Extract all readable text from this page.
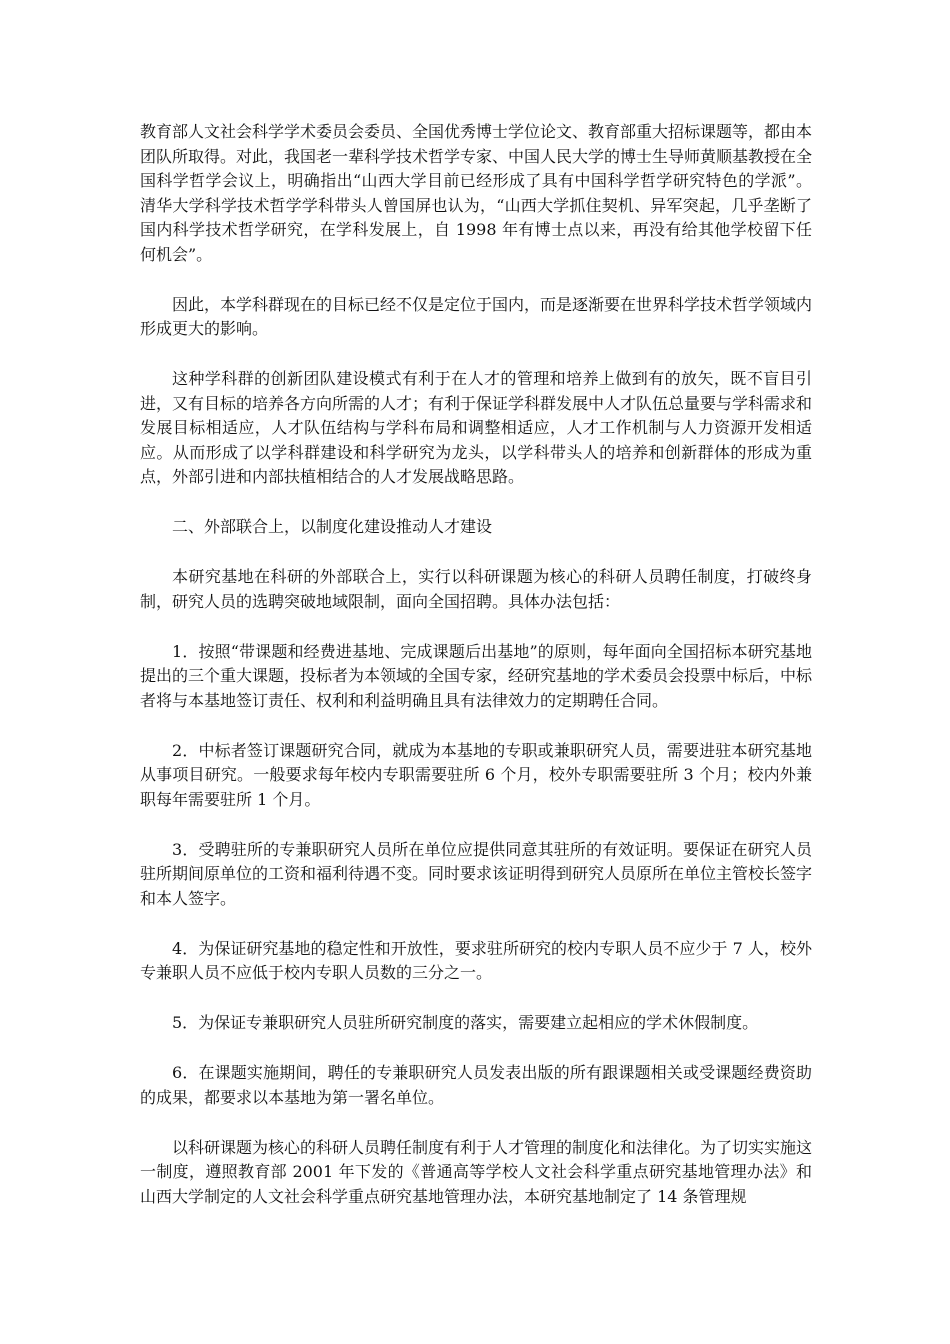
教育部人文社会科学学术委员会委员、全国优秀博士学位论文、教育部重大招标课题等，都由本团队所取得。对此，我国老一辈科学技术哲学专家、中国人民大学的博士生导师黄顺基教授在全国科学哲学会议上，明确指出“山西大学目前已经形成了具有中国科学哲学研究特色的学派”。清华大学科学技术哲学学科带头人曾国屏也认为，“山西大学抓住契机、异军突起，几乎垄断了国内科学技术哲学研究，在学科发展上，自 1998 年有博士点以来，再没有给其他学校留下任何机会”。

因此，本学科群现在的目标已经不仅是定位于国内，而是逐渐要在世界科学技术哲学领域内形成更大的影响。

这种学科群的创新团队建设模式有利于在人才的管理和培养上做到有的放矢，既不盲目引进，又有目标的培养各方向所需的人才；有利于保证学科群发展中人才队伍总量要与学科需求和发展目标相适应，人才队伍结构与学科布局和调整相适应，人才工作机制与人力资源开发相适应。从而形成了以学科群建设和科学研究为龙头，以学科带头人的培养和创新群体的形成为重点，外部引进和内部扶植相结合的人才发展战略思路。

二、外部联合上，以制度化建设推动人才建设

本研究基地在科研的外部联合上，实行以科研课题为核心的科研人员聘任制度，打破终身制，研究人员的选聘突破地域限制，面向全国招聘。具体办法包括：

1．按照“带课题和经费进基地、完成课题后出基地”的原则，每年面向全国招标本研究基地提出的三个重大课题，投标者为本领域的全国专家，经研究基地的学术委员会投票中标后，中标者将与本基地签订责任、权利和利益明确且具有法律效力的定期聘任合同。

2．中标者签订课题研究合同，就成为本基地的专职或兼职研究人员，需要进驻本研究基地从事项目研究。一般要求每年校内专职需要驻所 6 个月，校外专职需要驻所 3 个月；校内外兼职每年需要驻所 1 个月。

3．受聘驻所的专兼职研究人员所在单位应提供同意其驻所的有效证明。要保证在研究人员驻所期间原单位的工资和福利待遇不变。同时要求该证明得到研究人员原所在单位主管校长签字和本人签字。

4．为保证研究基地的稳定性和开放性，要求驻所研究的校内专职人员不应少于 7 人，校外专兼职人员不应低于校内专职人员数的三分之一。

5．为保证专兼职研究人员驻所研究制度的落实，需要建立起相应的学术休假制度。

6．在课题实施期间，聘任的专兼职研究人员发表出版的所有跟课题相关或受课题经费资助的成果，都要求以本基地为第一署名单位。

以科研课题为核心的科研人员聘任制度有利于人才管理的制度化和法律化。为了切实实施这一制度，遵照教育部 2001 年下发的《普通高等学校人文社会科学重点研究基地管理办法》和山西大学制定的人文社会科学重点研究基地管理办法，本研究基地制定了 14 条管理规
